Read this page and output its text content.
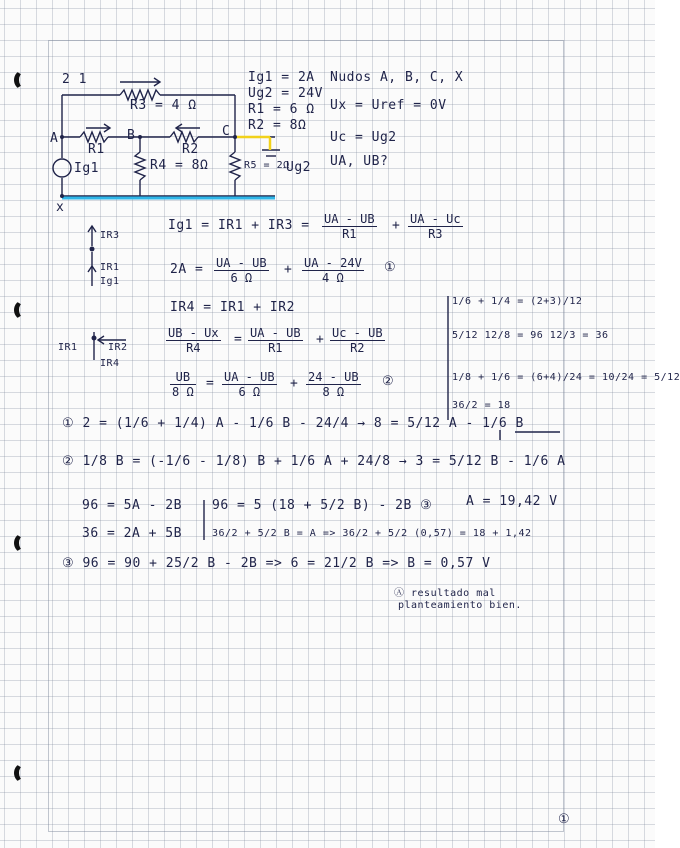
2 1
A	B	C
x
R3 = 4 Ω
R1	R2
R4 = 8Ω	R5 = 2Ω
Ig1	Ug2
Ig1 = 2A
Ug2 = 24V
R1 = 6 Ω
R2 = 8Ω
Nudos A, B, C, X
Ux = Uref = 0V
Uc = Ug2
UA, UB?
IR3
IR1
Ig1
$Ig1 = IR1 + IR3 = \frac{UA - UB}{R1} + \frac{UA - Uc}{R3}$
$2A = \frac{UA - UB}{6 \Omega} + \frac{UA - 24V}{4 \Omega}$ ①
IR4 = IR1 + IR2
IR1	IR2
IR4
$\frac{UB - Ux}{R4} = \frac{UA - UB}{R1} + \frac{Uc - UB}{R2}$
$\frac{UB}{8 \Omega} = \frac{UA - UB}{6 \Omega} + \frac{24 - UB}{8 \Omega}$ ②
1/6 + 1/4 = (2+3)/12
5/12 12/8 = 96 12/3 = 36
1/8 + 1/6 = (6+4)/24 = 10/24 = 5/12
36/2 = 18
① 2 = (1/6 + 1/4) A - 1/6 B - 24/4 → 8 = 5/12 A - 1/6 B
② 1/8 B = (-1/6 - 1/8) B + 1/6 A + 24/8 → 3 = 5/12 B - 1/6 A
96 = 5A - 2B 96 = 5 (18 + 5/2 B) - 2B ③	A = 19,42 V
36 = 2A + 5B	36/2 + 5/2 B = A => 36/2 + 5/2 (0,57) = 18 + 1,42
③ 96 = 90 + 25/2 B - 2B => 6 = 21/2 B => B = 0,57 V
Ⓐ resultado mal
planteamiento bien.
①
